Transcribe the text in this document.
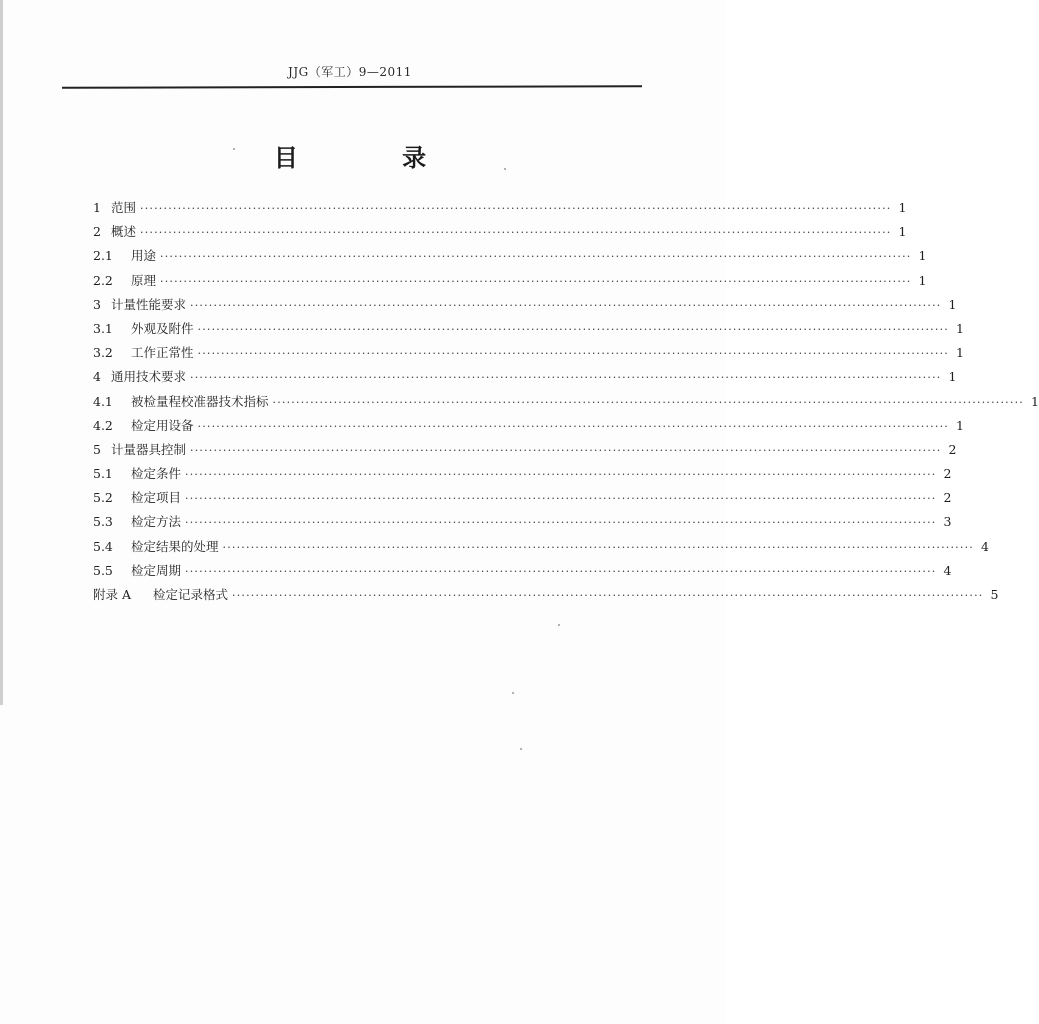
JJG（军工）9—2011
目 录
1 范围 ································································································································································ 1
2 概述 ································································································································································ 1
2.1	用途 ································································································································································ 1
2.2	原理 ································································································································································ 1
3 计量性能要求 ································································································································································ 1
3.1	外观及附件 ································································································································································ 1
3.2	工作正常性 ································································································································································ 1
4 通用技术要求 ································································································································································ 1
4.1	被检量程校准器技术指标 ································································································································································ 1
4.2	检定用设备 ································································································································································ 1
5 计量器具控制 ································································································································································ 2
5.1	检定条件 ································································································································································ 2
5.2	检定项目 ································································································································································ 2
5.3	检定方法 ································································································································································ 3
5.4	检定结果的处理 ································································································································································ 4
5.5	检定周期 ································································································································································ 4
附录 A	检定记录格式 ································································································································································ 5
